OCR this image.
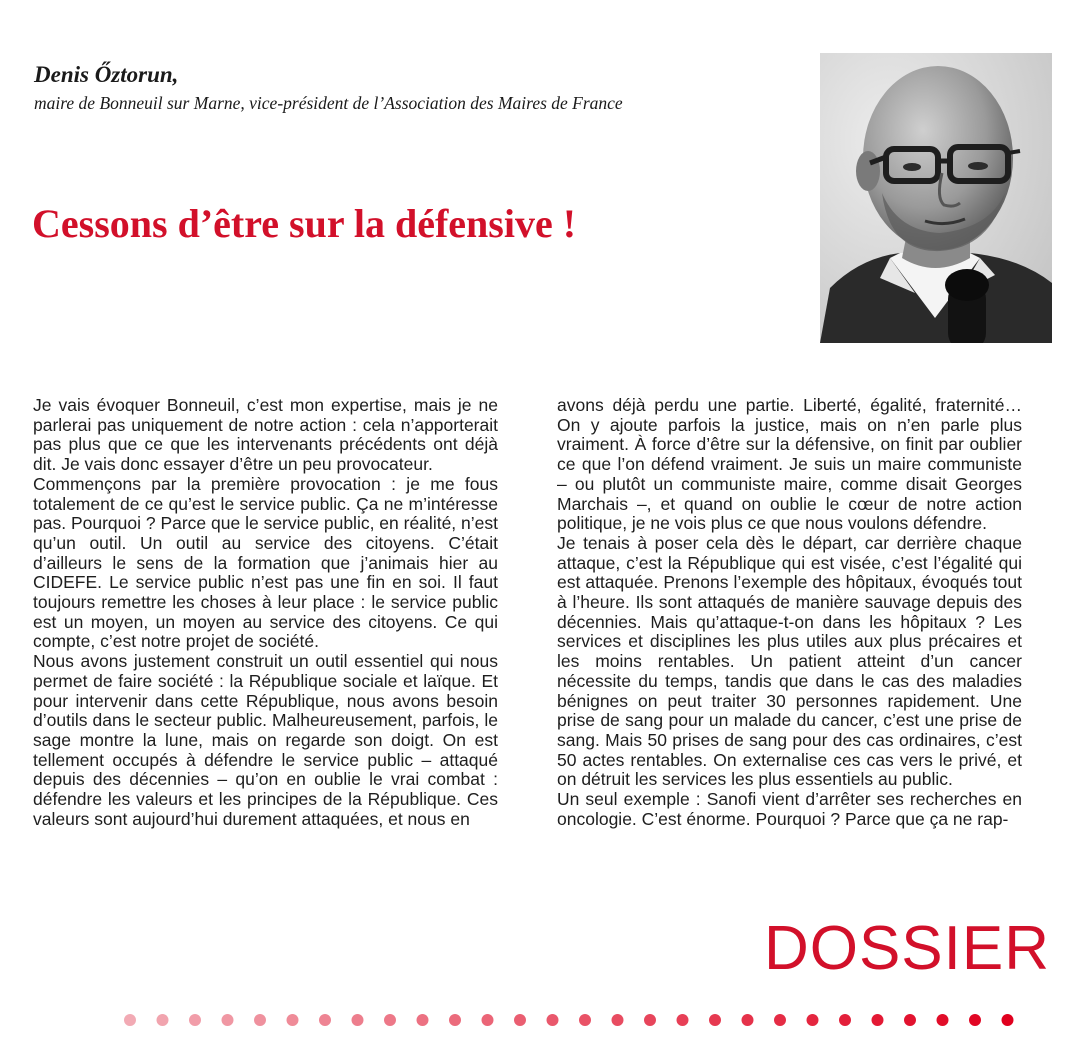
Denis Őztorun,

maire de Bonneuil sur Marne, vice-président de l’Association des Maires de France

Cessons d’être sur la défensive !

Je vais évoquer Bonneuil, c’est mon expertise, mais je ne parlerai pas uniquement de notre action : cela n’apporterait pas plus que ce que les intervenants précédents ont déjà dit. Je vais donc essayer d’être un peu provocateur.

Commençons par la première provocation : je me fous totalement de ce qu’est le service public. Ça ne m’intéresse pas. Pourquoi ? Parce que le service public, en réalité, n’est qu’un outil. Un outil au service des citoyens. C’était d’ailleurs le sens de la formation que j’animais hier au CIDEFE. Le service public n’est pas une fin en soi. Il faut toujours remettre les choses à leur place : le service public est un moyen, un moyen au service des citoyens. Ce qui compte, c’est notre projet de société.

Nous avons justement construit un outil essentiel qui nous permet de faire société : la République sociale et laïque. Et pour intervenir dans cette République, nous avons besoin d’outils dans le secteur public. Malheureusement, parfois, le sage montre la lune, mais on regarde son doigt. On est tellement occupés à défendre le service public – attaqué depuis des décennies – qu’on en oublie le vrai combat : défendre les valeurs et les principes de la République. Ces valeurs sont aujourd’hui durement attaquées, et nous en

avons déjà perdu une partie. Liberté, égalité, fraternité… On y ajoute parfois la justice, mais on n’en parle plus vraiment. À force d’être sur la défensive, on finit par oublier ce que l’on défend vraiment. Je suis un maire communiste – ou plutôt un communiste maire, comme disait Georges Marchais –, et quand on oublie le cœur de notre action politique, je ne vois plus ce que nous voulons défendre.

Je tenais à poser cela dès le départ, car derrière chaque attaque, c’est la République qui est visée, c’est l’égalité qui est attaquée. Prenons l’exemple des hôpitaux, évoqués tout à l’heure. Ils sont attaqués de manière sauvage depuis des décennies. Mais qu’attaque-t-on dans les hôpitaux ? Les services et disciplines les plus utiles aux plus précaires et les moins rentables. Un patient atteint d’un cancer nécessite du temps, tandis que dans le cas des maladies bénignes on peut traiter 30 personnes rapidement. Une prise de sang pour un malade du cancer, c’est une prise de sang. Mais 50 prises de sang pour des cas ordinaires, c’est 50 actes rentables. On externalise ces cas vers le privé, et on détruit les services les plus essentiels au public.

Un seul exemple : Sanofi vient d’arrêter ses recherches en oncologie. C’est énorme. Pourquoi ? Parce que ça ne rap-

DOSSIER
